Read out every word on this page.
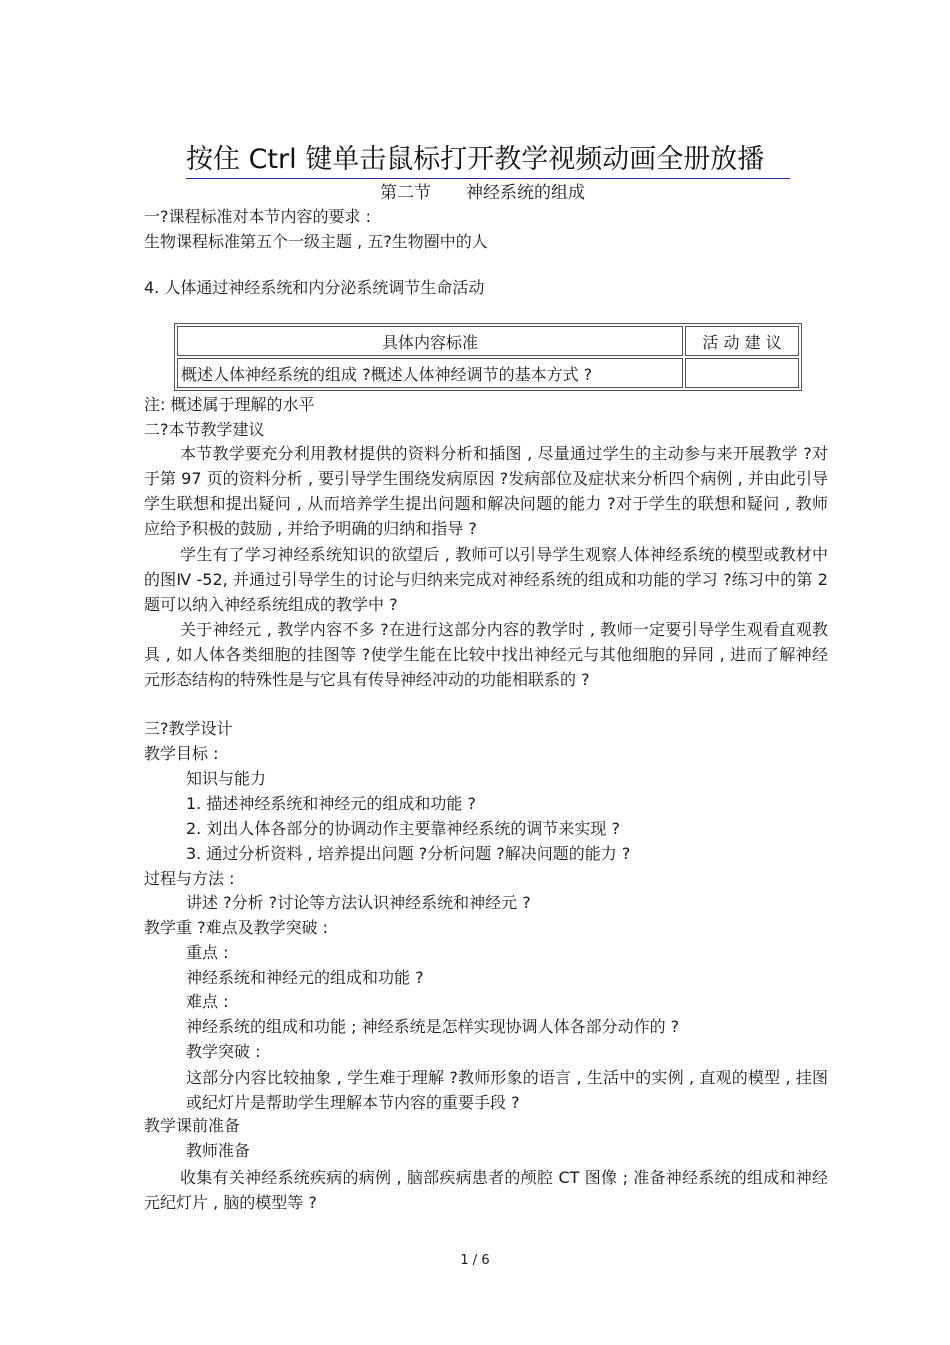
按住 Ctrl 键单击鼠标打开教学视频动画全册放播
第二节 神经系统的组成
一?课程标准对本节内容的要求 :
生物课程标准第五个一级主题 , 五?生物圈中的人
4. 人体通过神经系统和内分泌系统调节生命活动
具体内容标准	活 动 建 议
概述人体神经系统的组成 ?概述人体神经调节的基本方式 ?	
注: 概述属于理解的水平
二?本节教学建议
本节教学要充分利用教材提供的资料分析和插图 , 尽量通过学生的主动参与来开展教学 ?对于第 97 页的资料分析 , 要引导学生围绕发病原因 ?发病部位及症状来分析四个病例 , 并由此引导学生联想和提出疑问 , 从而培养学生提出问题和解决问题的能力 ?对于学生的联想和疑问 , 教师应给予积极的鼓励 , 并给予明确的归纳和指导 ?
学生有了学习神经系统知识的欲望后 , 教师可以引导学生观察人体神经系统的模型或教材中的图Ⅳ -52, 并通过引导学生的讨论与归纳来完成对神经系统的组成和功能的学习 ?练习中的第 2 题可以纳入神经系统组成的教学中 ?
关于神经元 , 教学内容不多 ?在进行这部分内容的教学时 , 教师一定要引导学生观看直观教具 , 如人体各类细胞的挂图等 ?使学生能在比较中找出神经元与其他细胞的异同 , 进而了解神经元形态结构的特殊性是与它具有传导神经冲动的功能相联系的 ?
三?教学设计
教学目标 :
知识与能力
1. 描述神经系统和神经元的组成和功能 ?
2. 刘出人体各部分的协调动作主要靠神经系统的调节来实现 ?
3. 通过分析资料 , 培养提出问题 ?分析问题 ?解决问题的能力 ?
过程与方法 :
讲述 ?分析 ?讨论等方法认识神经系统和神经元 ?
教学重 ?难点及教学突破 :
重点 :
神经系统和神经元的组成和功能 ?
难点 :
神经系统的组成和功能 ; 神经系统是怎样实现协调人体各部分动作的 ?
教学突破 :
这部分内容比较抽象 , 学生难于理解 ?教师形象的语言 , 生活中的实例 , 直观的模型 , 挂图或纪灯片是帮助学生理解本节内容的重要手段 ?
教学课前准备
教师准备
收集有关神经系统疾病的病例 , 脑部疾病患者的颅腔 CT 图像 ; 准备神经系统的组成和神经元纪灯片 , 脑的模型等 ?
1 / 6
